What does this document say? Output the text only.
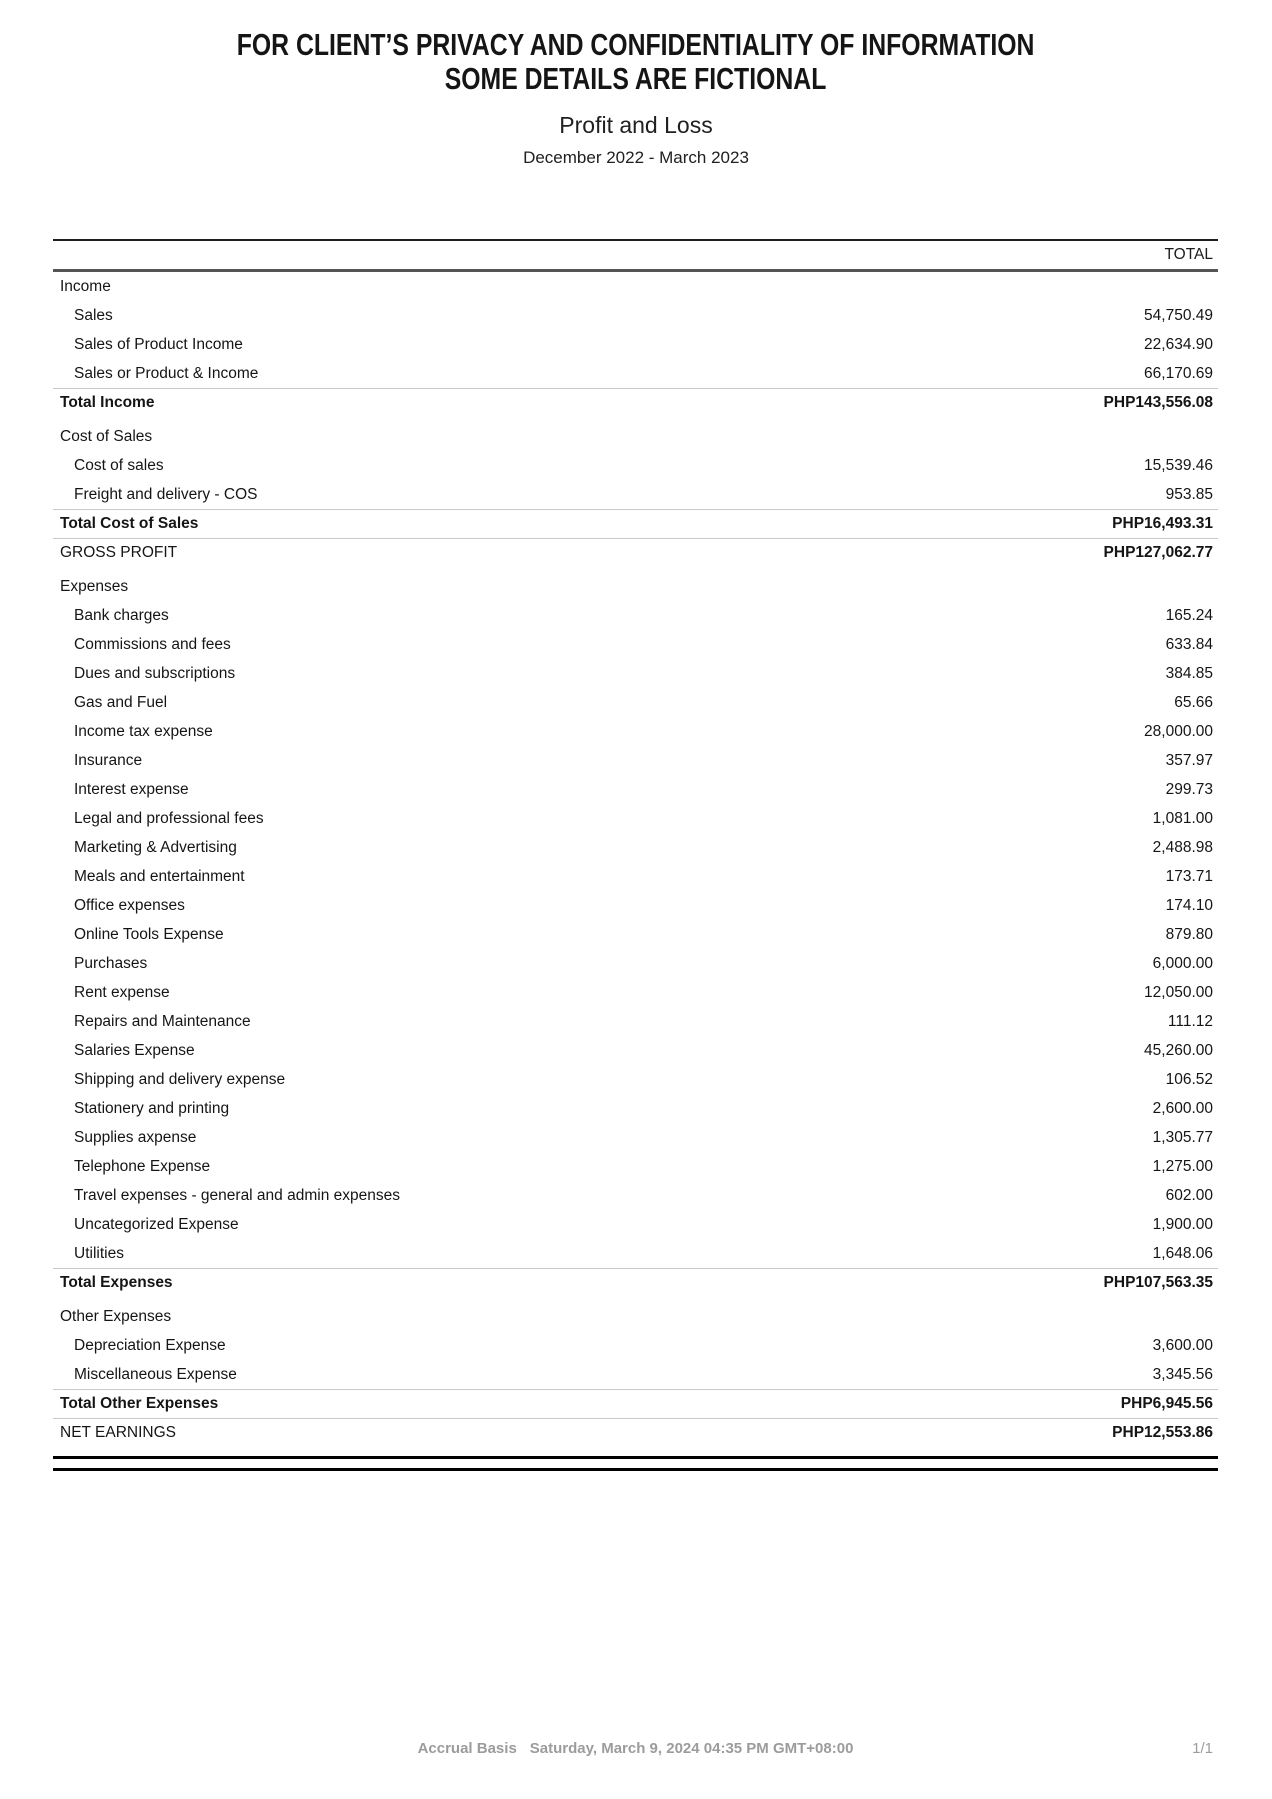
FOR CLIENT’S PRIVACY AND CONFIDENTIALITY OF INFORMATION
SOME DETAILS ARE FICTIONAL
Profit and Loss
December 2022 - March 2023
TOTAL
Income
Sales	54,750.49
Sales of Product Income	22,634.90
Sales or Product & Income	66,170.69
Total Income	PHP143,556.08
Cost of Sales
Cost of sales	15,539.46
Freight and delivery - COS	953.85
Total Cost of Sales	PHP16,493.31
GROSS PROFIT	PHP127,062.77
Expenses
Bank charges	165.24
Commissions and fees	633.84
Dues and subscriptions	384.85
Gas and Fuel	65.66
Income tax expense	28,000.00
Insurance	357.97
Interest expense	299.73
Legal and professional fees	1,081.00
Marketing & Advertising	2,488.98
Meals and entertainment	173.71
Office expenses	174.10
Online Tools Expense	879.80
Purchases	6,000.00
Rent expense	12,050.00
Repairs and Maintenance	111.12
Salaries Expense	45,260.00
Shipping and delivery expense	106.52
Stationery and printing	2,600.00
Supplies axpense	1,305.77
Telephone Expense	1,275.00
Travel expenses - general and admin expenses	602.00
Uncategorized Expense	1,900.00
Utilities	1,648.06
Total Expenses	PHP107,563.35
Other Expenses
Depreciation Expense	3,600.00
Miscellaneous Expense	3,345.56
Total Other Expenses	PHP6,945.56
NET EARNINGS	PHP12,553.86
Accrual Basis Saturday, March 9, 2024 04:35 PM GMT+08:00	1/1
